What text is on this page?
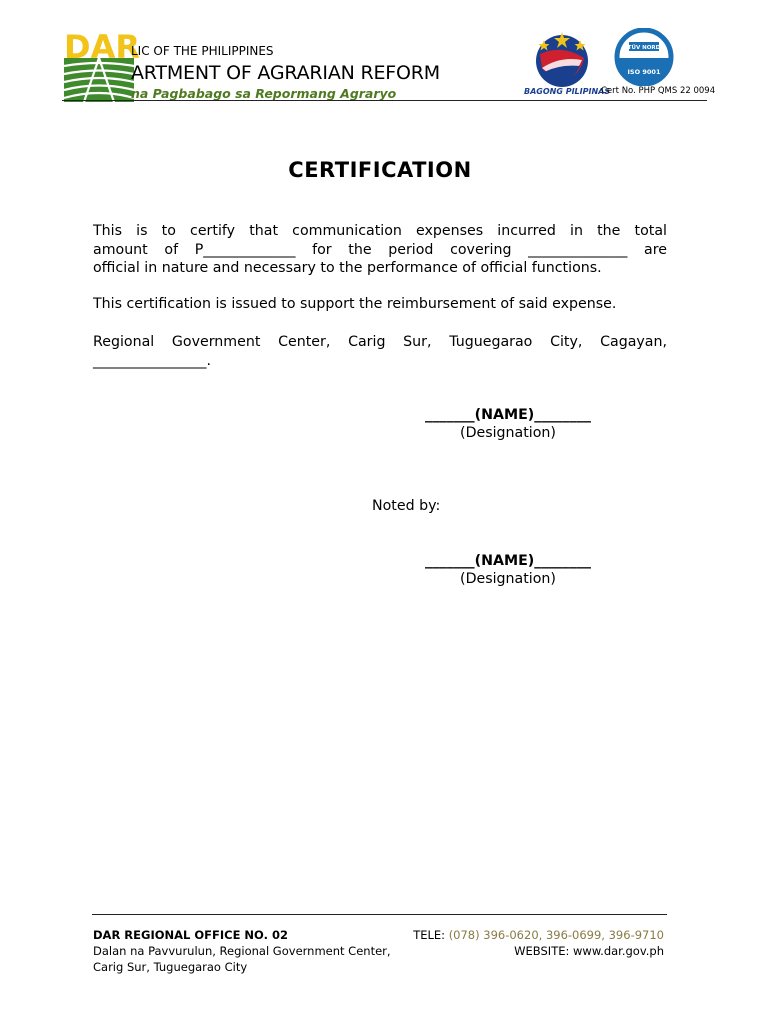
DAR
LIC OF THE PHILIPPINES
ARTMENT OF AGRARIAN REFORM
na Pagbabago sa Repormang Agraryo	BAGONG PILIPINAS
TÜV NORD
ISO 9001
Cert No. PHP QMS 22 0094
CERTIFICATION
This is to certify that communication expenses incurred in the total
amount of P_____________ for the period covering ______________ are
official in nature and necessary to the performance of official functions.
This certification is issued to support the reimbursement of said expense.
Regional Government Center, Carig Sur, Tuguegarao City, Cagayan,
________________.
_______(NAME)________
(Designation)
Noted by:
_______(NAME)________
(Designation)
DAR REGIONAL OFFICE NO. 02
Dalan na Pavvurulun, Regional Government Center,
Carig Sur, Tuguegarao City
TELE: (078) 396-0620, 396-0699, 396-9710
WEBSITE: www.dar.gov.ph
